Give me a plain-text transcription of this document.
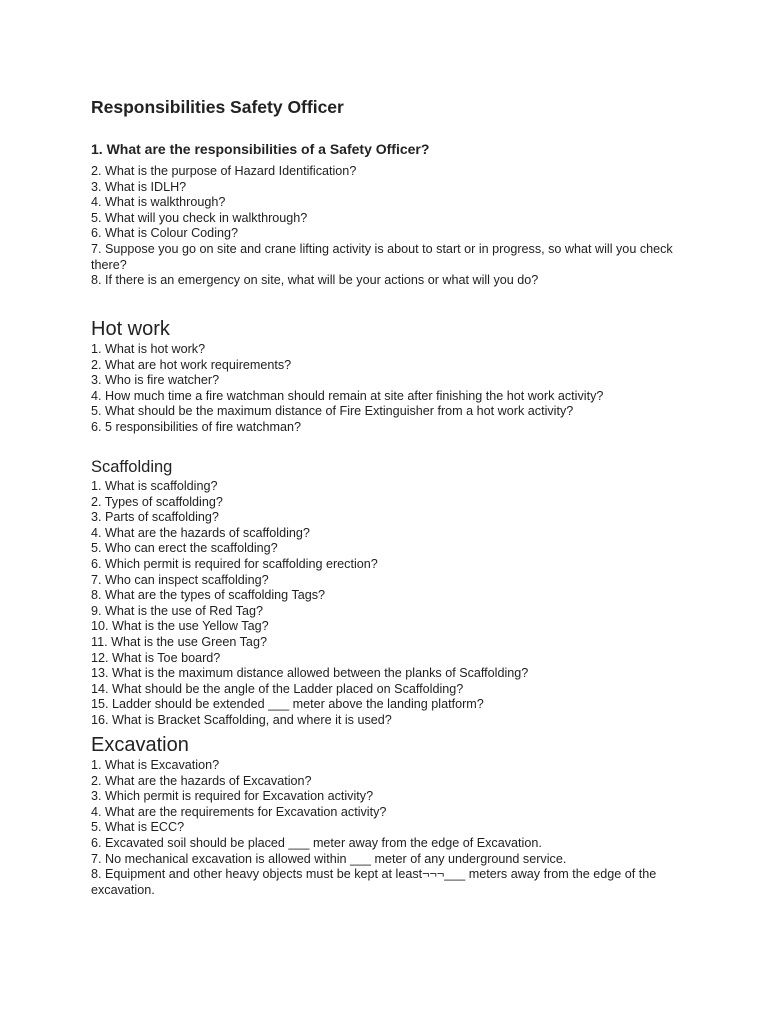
Responsibilities Safety Officer
1. What are the responsibilities of a Safety Officer?
2. What is the purpose of Hazard Identification?
3. What is IDLH?
4. What is walkthrough?
5. What will you check in walkthrough?
6. What is Colour Coding?
7. Suppose you go on site and crane lifting activity is about to start or in progress, so what will you check there?
8. If there is an emergency on site, what will be your actions or what will you do?
Hot work
1. What is hot work?
2. What are hot work requirements?
3. Who is fire watcher?
4. How much time a fire watchman should remain at site after finishing the hot work activity?
5. What should be the maximum distance of Fire Extinguisher from a hot work activity?
6. 5 responsibilities of fire watchman?
Scaffolding
1. What is scaffolding?
2. Types of scaffolding?
3. Parts of scaffolding?
4. What are the hazards of scaffolding?
5. Who can erect the scaffolding?
6. Which permit is required for scaffolding erection?
7. Who can inspect scaffolding?
8. What are the types of scaffolding Tags?
9. What is the use of Red Tag?
10. What is the use Yellow Tag?
11. What is the use Green Tag?
12. What is Toe board?
13. What is the maximum distance allowed between the planks of Scaffolding?
14. What should be the angle of the Ladder placed on Scaffolding?
15. Ladder should be extended ___ meter above the landing platform?
16. What is Bracket Scaffolding, and where it is used?
Excavation
1. What is Excavation?
2. What are the hazards of Excavation?
3. Which permit is required for Excavation activity?
4. What are the requirements for Excavation activity?
5. What is ECC?
6. Excavated soil should be placed ___ meter away from the edge of Excavation.
7. No mechanical excavation is allowed within ___ meter of any underground service.
8. Equipment and other heavy objects must be kept at least¬¬¬___ meters away from the edge of the excavation.
